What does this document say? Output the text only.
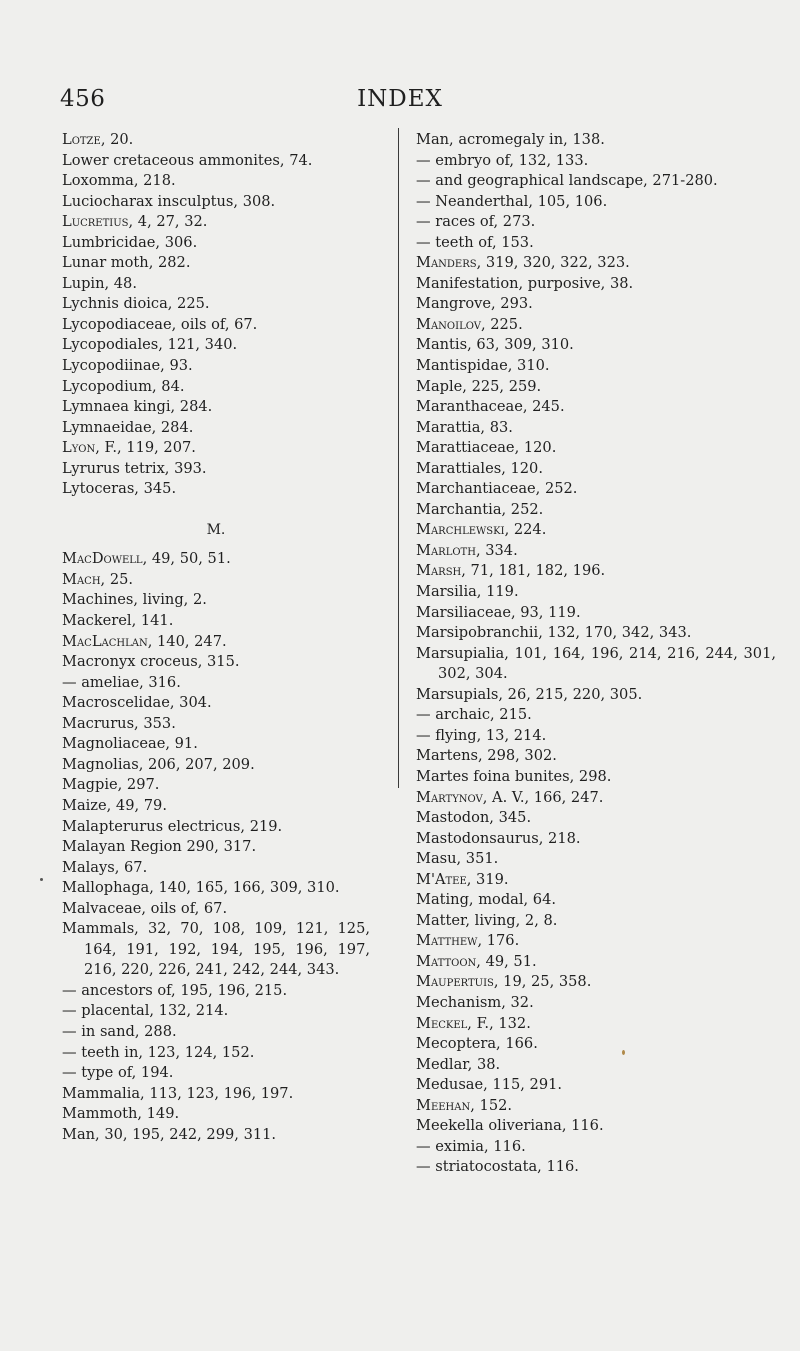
456	INDEX
Lotze, 20.
Lower cretaceous ammonites, 74.
Loxomma, 218.
Luciocharax insculptus, 308.
Lucretius, 4, 27, 32.
Lumbricidae, 306.
Lunar moth, 282.
Lupin, 48.
Lychnis dioica, 225.
Lycopodiaceae, oils of, 67.
Lycopodiales, 121, 340.
Lycopodiinae, 93.
Lycopodium, 84.
Lymnaea kingi, 284.
Lymnaeidae, 284.
Lyon, F., 119, 207.
Lyrurus tetrix, 393.
Lytoceras, 345.
M.
MacDowell, 49, 50, 51.
Mach, 25.
Machines, living, 2.
Mackerel, 141.
MacLachlan, 140, 247.
Macronyx croceus, 315.
— ameliae, 316.
Macroscelidae, 304.
Macrurus, 353.
Magnoliaceae, 91.
Magnolias, 206, 207, 209.
Magpie, 297.
Maize, 49, 79.
Malapterurus electricus, 219.
Malayan Region 290, 317.
Malays, 67.
Mallophaga, 140, 165, 166, 309, 310.
Malvaceae, oils of, 67.
Mammals, 32, 70, 108, 109, 121, 125, 164, 191, 192, 194, 195, 196, 197, 216, 220, 226, 241, 242, 244, 343.
— ancestors of, 195, 196, 215.
— placental, 132, 214.
— in sand, 288.
— teeth in, 123, 124, 152.
— type of, 194.
Mammalia, 113, 123, 196, 197.
Mammoth, 149.
Man, 30, 195, 242, 299, 311.
Man, acromegaly in, 138.
— embryo of, 132, 133.
— and geographical landscape, 271-280.
— Neanderthal, 105, 106.
— races of, 273.
— teeth of, 153.
Manders, 319, 320, 322, 323.
Manifestation, purposive, 38.
Mangrove, 293.
Manoilov, 225.
Mantis, 63, 309, 310.
Mantispidae, 310.
Maple, 225, 259.
Maranthaceae, 245.
Marattia, 83.
Marattiaceae, 120.
Marattiales, 120.
Marchantiaceae, 252.
Marchantia, 252.
Marchlewski, 224.
Marloth, 334.
Marsh, 71, 181, 182, 196.
Marsilia, 119.
Marsiliaceae, 93, 119.
Marsipobranchii, 132, 170, 342, 343.
Marsupialia, 101, 164, 196, 214, 216, 244, 301, 302, 304.
Marsupials, 26, 215, 220, 305.
— archaic, 215.
— flying, 13, 214.
Martens, 298, 302.
Martes foina bunites, 298.
Martynov, A. V., 166, 247.
Mastodon, 345.
Mastodonsaurus, 218.
Masu, 351.
M'Atee, 319.
Mating, modal, 64.
Matter, living, 2, 8.
Matthew, 176.
Mattoon, 49, 51.
Maupertuis, 19, 25, 358.
Mechanism, 32.
Meckel, F., 132.
Mecoptera, 166.
Medlar, 38.
Medusae, 115, 291.
Meehan, 152.
Meekella oliveriana, 116.
— eximia, 116.
— striatocostata, 116.
